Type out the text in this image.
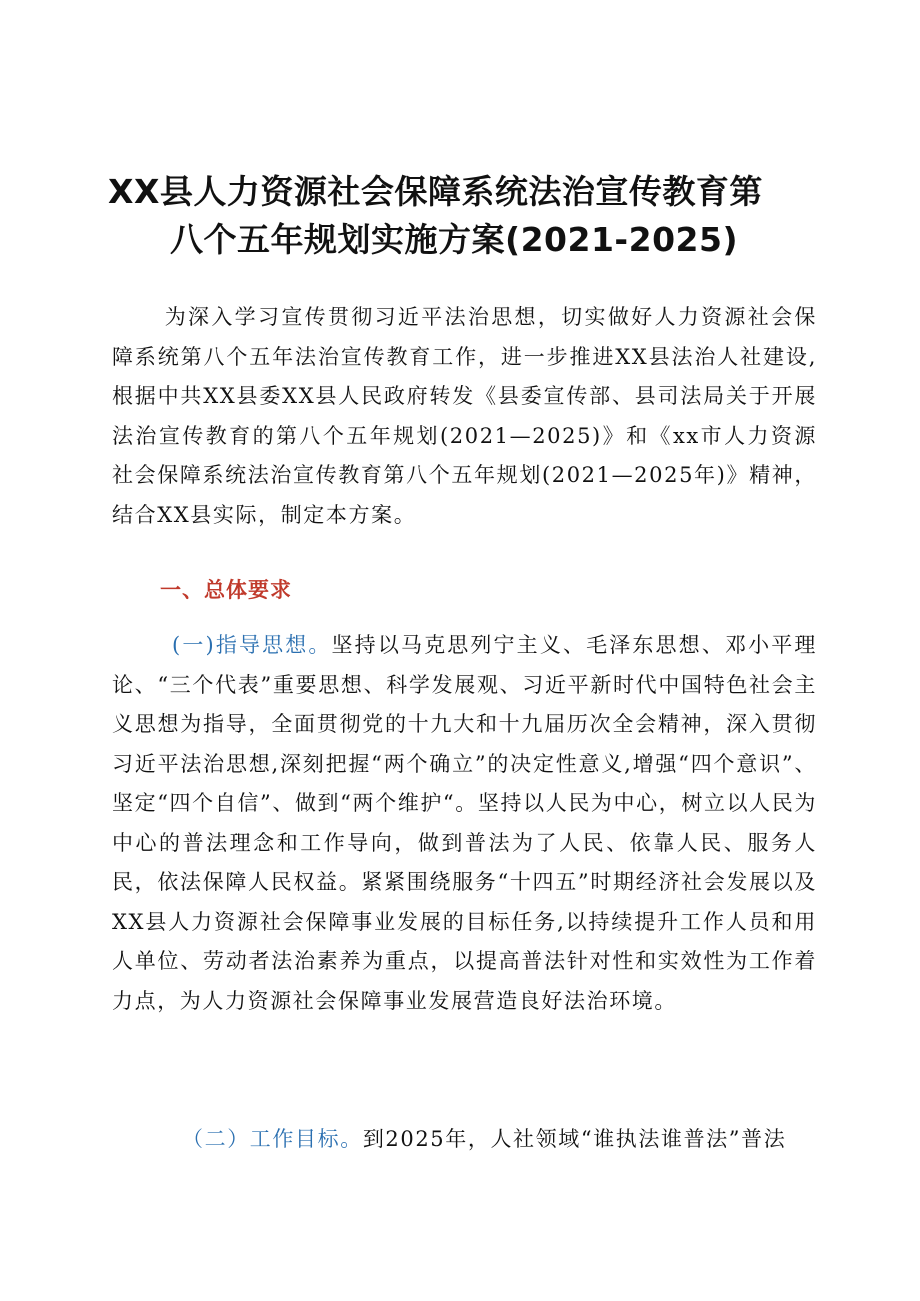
XX县人力资源社会保障系统法治宣传教育第
八个五年规划实施方案(2021-2025)
为深入学习宣传贯彻习近平法治思想，切实做好人力资源社会保障系统第八个五年法治宣传教育工作，进一步推进XX县法治人社建设,根据中共XX县委XX县人民政府转发《县委宣传部、县司法局关于开展法治宣传教育的第八个五年规划(2021—2025)》和《xx市人力资源社会保障系统法治宣传教育第八个五年规划(2021—2025年)》精神，结合XX县实际，制定本方案。
一、总体要求
(一)指导思想。坚持以马克思列宁主义、毛泽东思想、邓小平理论、“三个代表”重要思想、科学发展观、习近平新时代中国特色社会主义思想为指导，全面贯彻党的十九大和十九届历次全会精神，深入贯彻习近平法治思想,深刻把握“两个确立”的决定性意义,增强“四个意识”、坚定“四个自信”、做到“两个维护“。坚持以人民为中心，树立以人民为中心的普法理念和工作导向，做到普法为了人民、依靠人民、服务人民，依法保障人民权益。紧紧围绕服务“十四五”时期经济社会发展以及XX县人力资源社会保障事业发展的目标任务,以持续提升工作人员和用人单位、劳动者法治素养为重点，以提高普法针对性和实效性为工作着力点，为人力资源社会保障事业发展营造良好法治环境。
（二）工作目标。到2025年，人社领域“谁执法谁普法”普法
